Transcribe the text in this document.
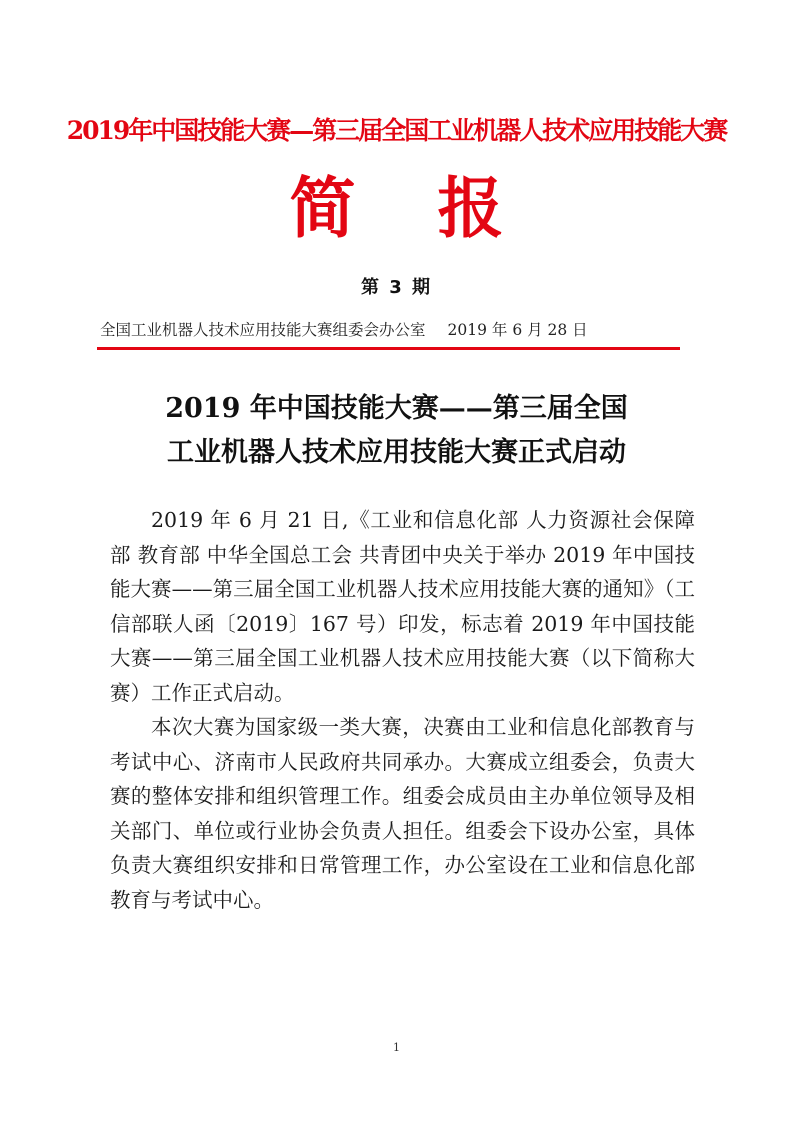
2019年中国技能大赛—第三届全国工业机器人技术应用技能大赛
简 报
第 3 期
全国工业机器人技术应用技能大赛组委会办公室 2019 年 6 月 28 日
2019 年中国技能大赛——第三届全国
工业机器人技术应用技能大赛正式启动

2019 年 6 月 21 日,《工业和信息化部 人力资源社会保障部 教育部 中华全国总工会 共青团中央关于举办 2019 年中国技能大赛——第三届全国工业机器人技术应用技能大赛的通知》（工信部联人函〔2019〕167 号）印发，标志着 2019 年中国技能大赛——第三届全国工业机器人技术应用技能大赛（以下简称大赛）工作正式启动。

本次大赛为国家级一类大赛，决赛由工业和信息化部教育与考试中心、济南市人民政府共同承办。大赛成立组委会，负责大赛的整体安排和组织管理工作。组委会成员由主办单位领导及相关部门、单位或行业协会负责人担任。组委会下设办公室，具体负责大赛组织安排和日常管理工作，办公室设在工业和信息化部教育与考试中心。

1
